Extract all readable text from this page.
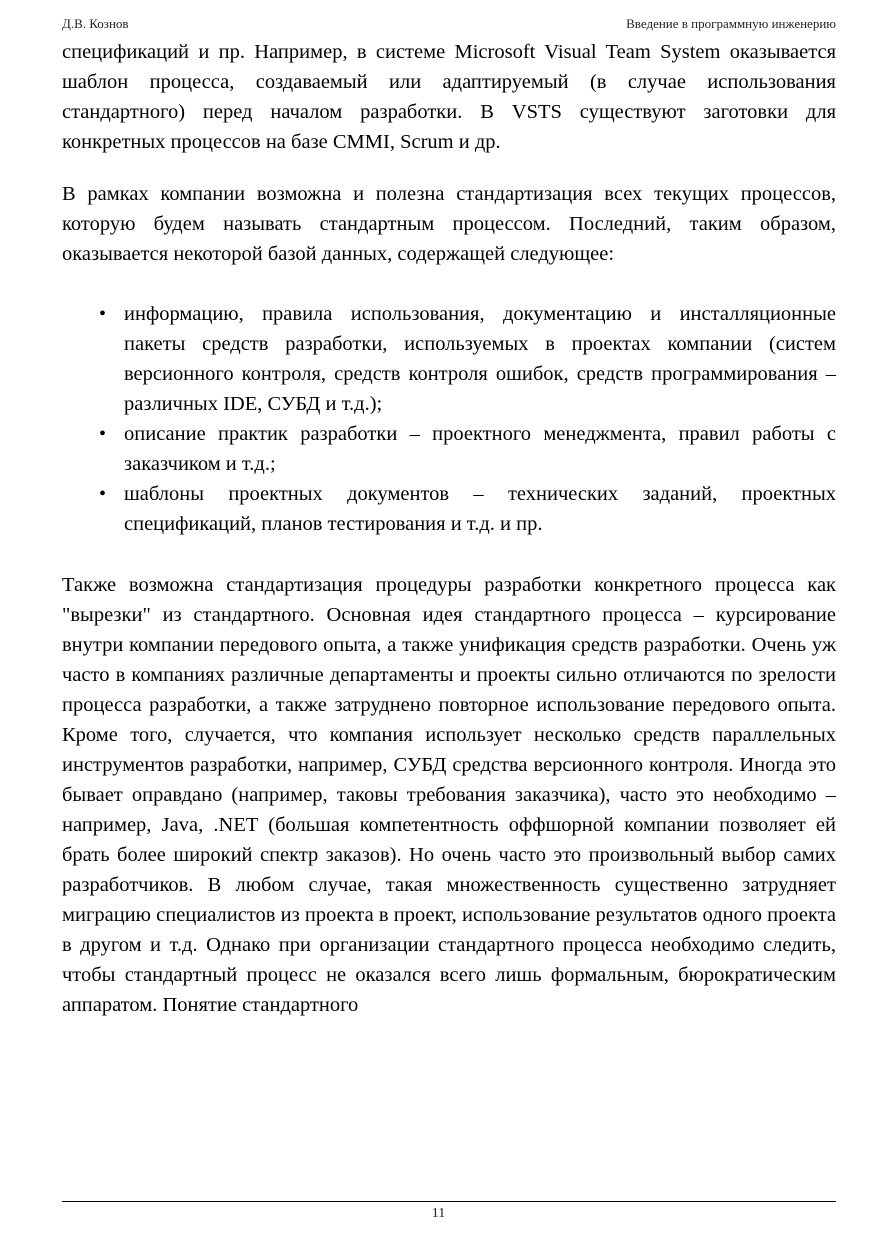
Д.В. Кознов	Введение в программную инженерию

спецификаций и пр. Например, в системе Microsoft Visual Team System оказывается шаблон процесса, создаваемый или адаптируемый (в случае использования стандартного) перед началом разработки. В VSTS существуют заготовки для конкретных процессов на базе CMMI, Scrum и др.

В рамках компании возможна и полезна стандартизация всех текущих процессов, которую будем называть стандартным процессом. Последний, таким образом, оказывается некоторой базой данных, содержащей следующее:

• информацию, правила использования, документацию и инсталляционные пакеты средств разработки, используемых в проектах компании (систем версионного контроля, средств контроля ошибок, средств программирования – различных IDE, СУБД и т.д.);
• описание практик разработки – проектного менеджмента, правил работы с заказчиком и т.д.;
• шаблоны проектных документов – технических заданий, проектных спецификаций, планов тестирования и т.д. и пр.

Также возможна стандартизация процедуры разработки конкретного процесса как "вырезки" из стандартного. Основная идея стандартного процесса – курсирование внутри компании передового опыта, а также унификация средств разработки. Очень уж часто в компаниях различные департаменты и проекты сильно отличаются по зрелости процесса разработки, а также затруднено повторное использование передового опыта. Кроме того, случается, что компания использует несколько средств параллельных инструментов разработки, например, СУБД средства версионного контроля. Иногда это бывает оправдано (например, таковы требования заказчика), часто это необходимо – например, Java, .NET (большая компетентность оффшорной компании позволяет ей брать более широкий спектр заказов). Но очень часто это произвольный выбор самих разработчиков. В любом случае, такая множественность существенно затрудняет миграцию специалистов из проекта в проект, использование результатов одного проекта в другом и т.д. Однако при организации стандартного процесса необходимо следить, чтобы стандартный процесс не оказался всего лишь формальным, бюрократическим аппаратом. Понятие стандартного

11
